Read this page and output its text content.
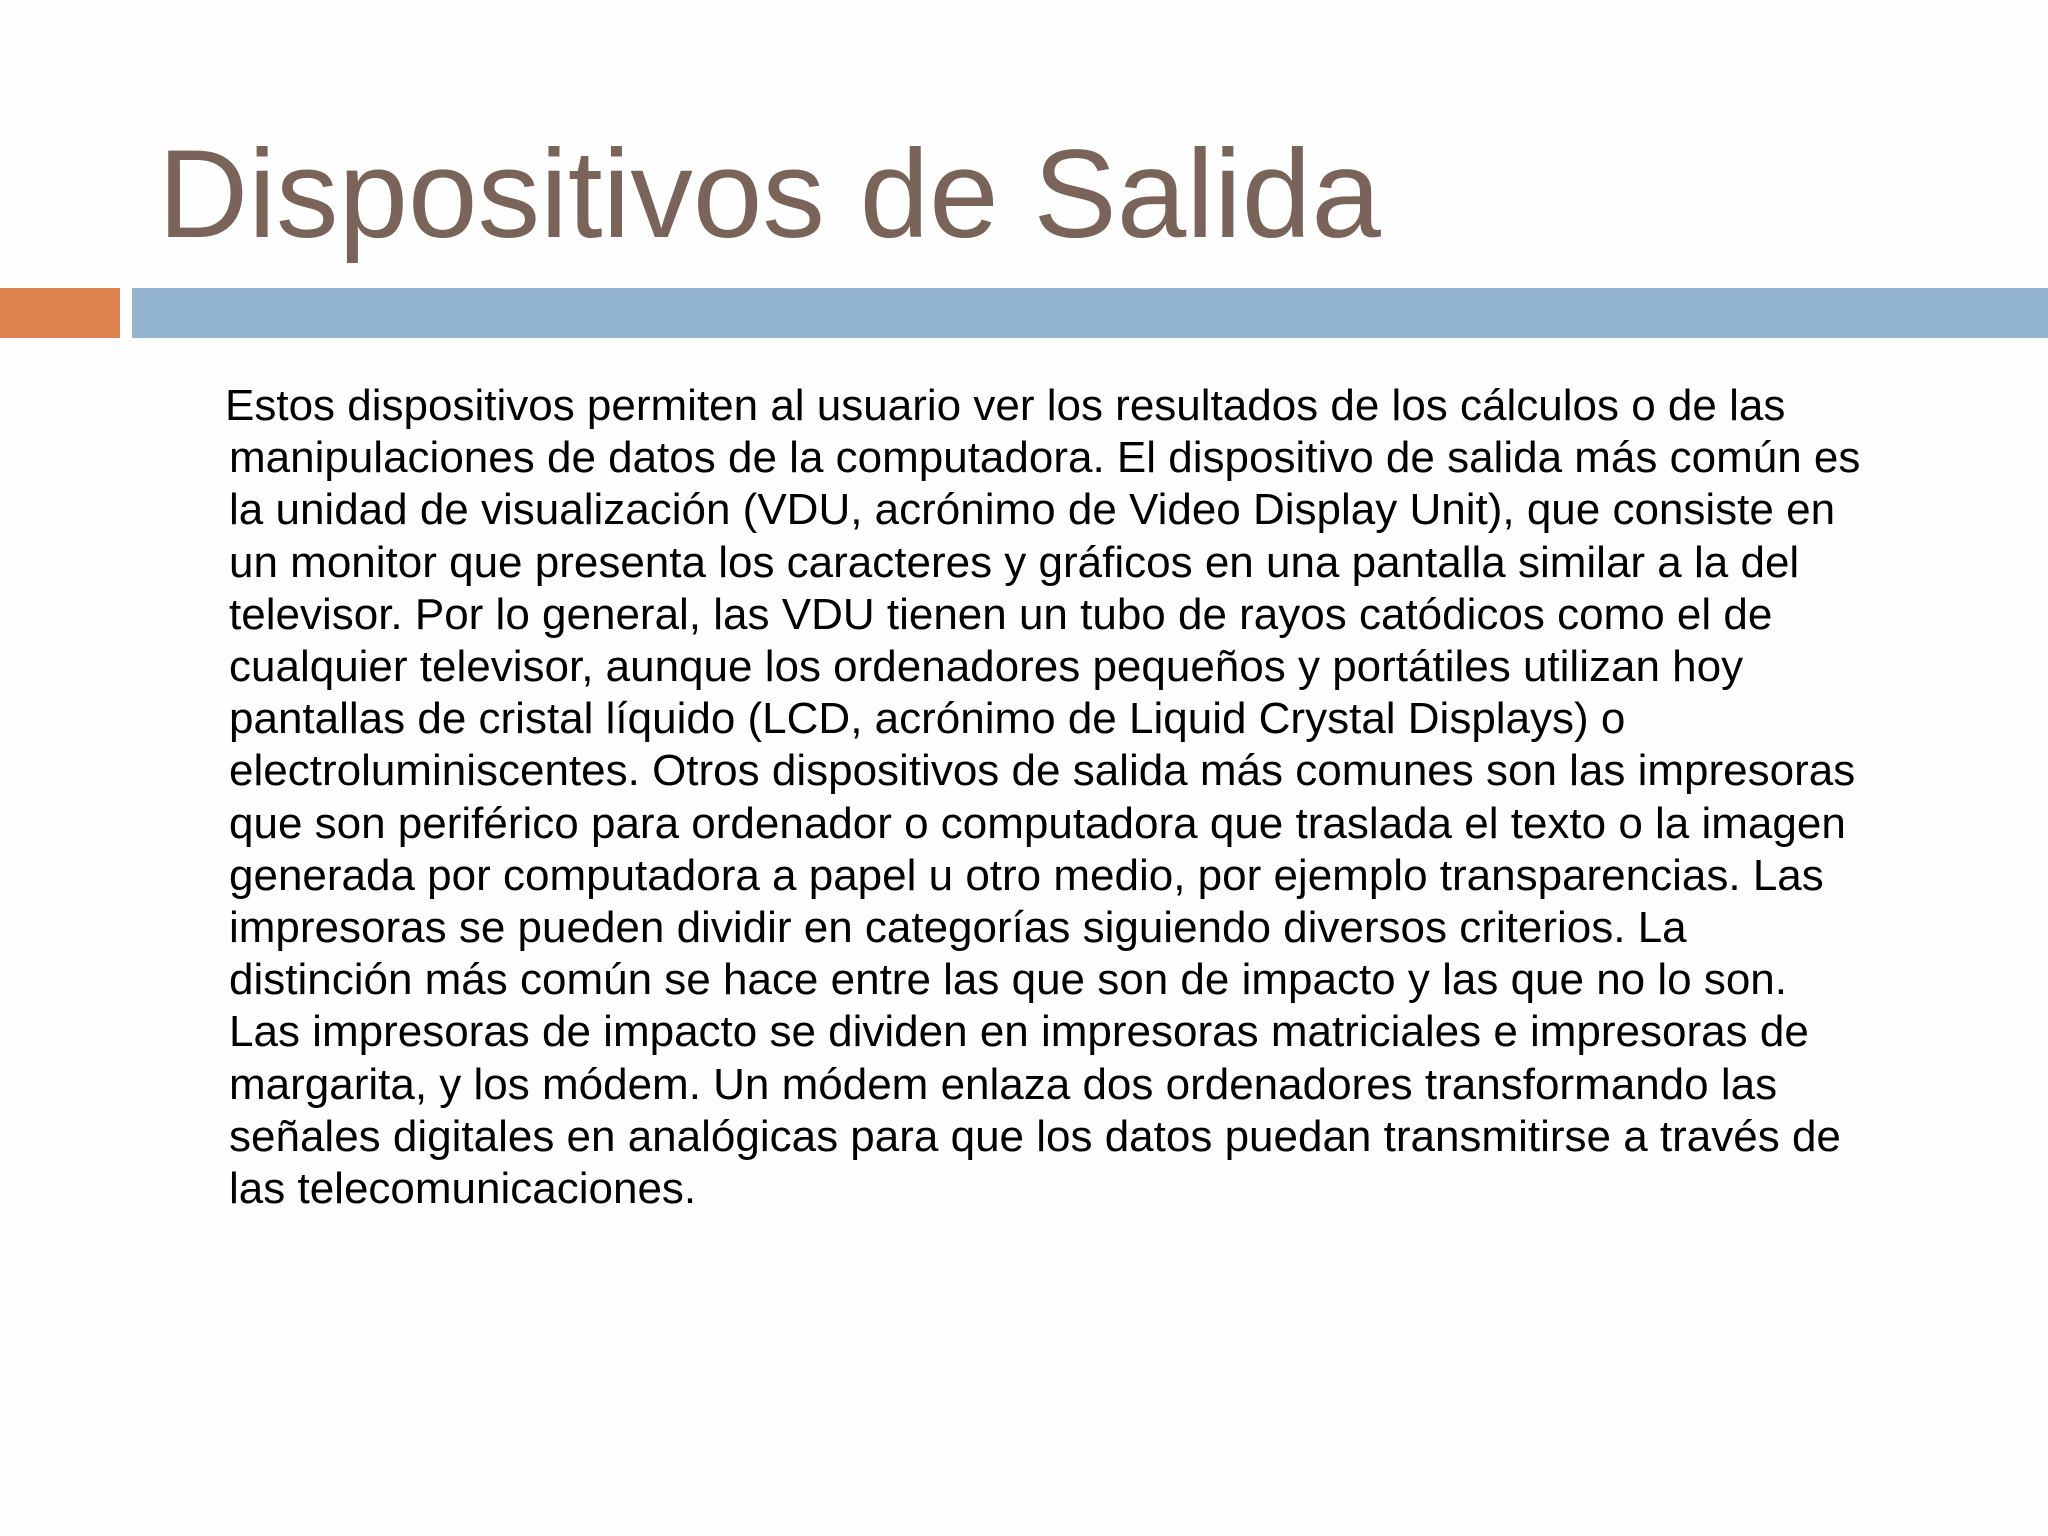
Dispositivos de Salida

Estos dispositivos permiten al usuario ver los resultados de los cálculos o de las manipulaciones de datos de la computadora. El dispositivo de salida más común es la unidad de visualización (VDU, acrónimo de Video Display Unit), que consiste en un monitor que presenta los caracteres y gráficos en una pantalla similar a la del televisor. Por lo general, las VDU tienen un tubo de rayos catódicos como el de cualquier televisor, aunque los ordenadores pequeños y portátiles utilizan hoy pantallas de cristal líquido (LCD, acrónimo de Liquid Crystal Displays) o electroluminiscentes. Otros dispositivos de salida más comunes son las impresoras que son periférico para ordenador o computadora que traslada el texto o la imagen generada por computadora a papel u otro medio, por ejemplo transparencias. Las impresoras se pueden dividir en categorías siguiendo diversos criterios. La distinción más común se hace entre las que son de impacto y las que no lo son. Las impresoras de impacto se dividen en impresoras matriciales e impresoras de margarita, y los módem. Un módem enlaza dos ordenadores transformando las señales digitales en analógicas para que los datos puedan transmitirse a través de las telecomunicaciones.
